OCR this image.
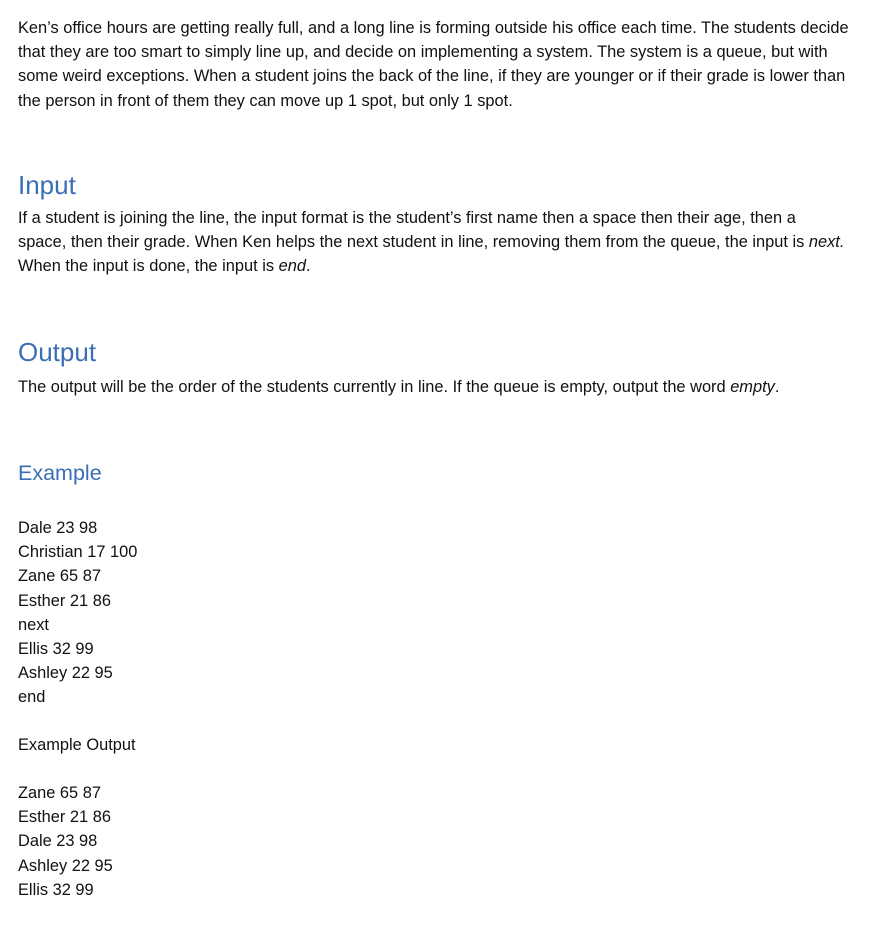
Ken’s office hours are getting really full, and a long line is forming outside his office each time. The students decide that they are too smart to simply line up, and decide on implementing a system. The system is a queue, but with some weird exceptions. When a student joins the back of the line, if they are younger or if their grade is lower than the person in front of them they can move up 1 spot, but only 1 spot.

Input

If a student is joining the line, the input format is the student’s first name then a space then their age, then a space, then their grade. When Ken helps the next student in line, removing them from the queue, the input is next. When the input is done, the input is end.

Output

The output will be the order of the students currently in line. If the queue is empty, output the word empty.

Example
Dale 23 98
Christian 17 100
Zane 65 87
Esther 21 86
next
Ellis 32 99
Ashley 22 95
end
Example Output
Zane 65 87
Esther 21 86
Dale 23 98
Ashley 22 95
Ellis 32 99
